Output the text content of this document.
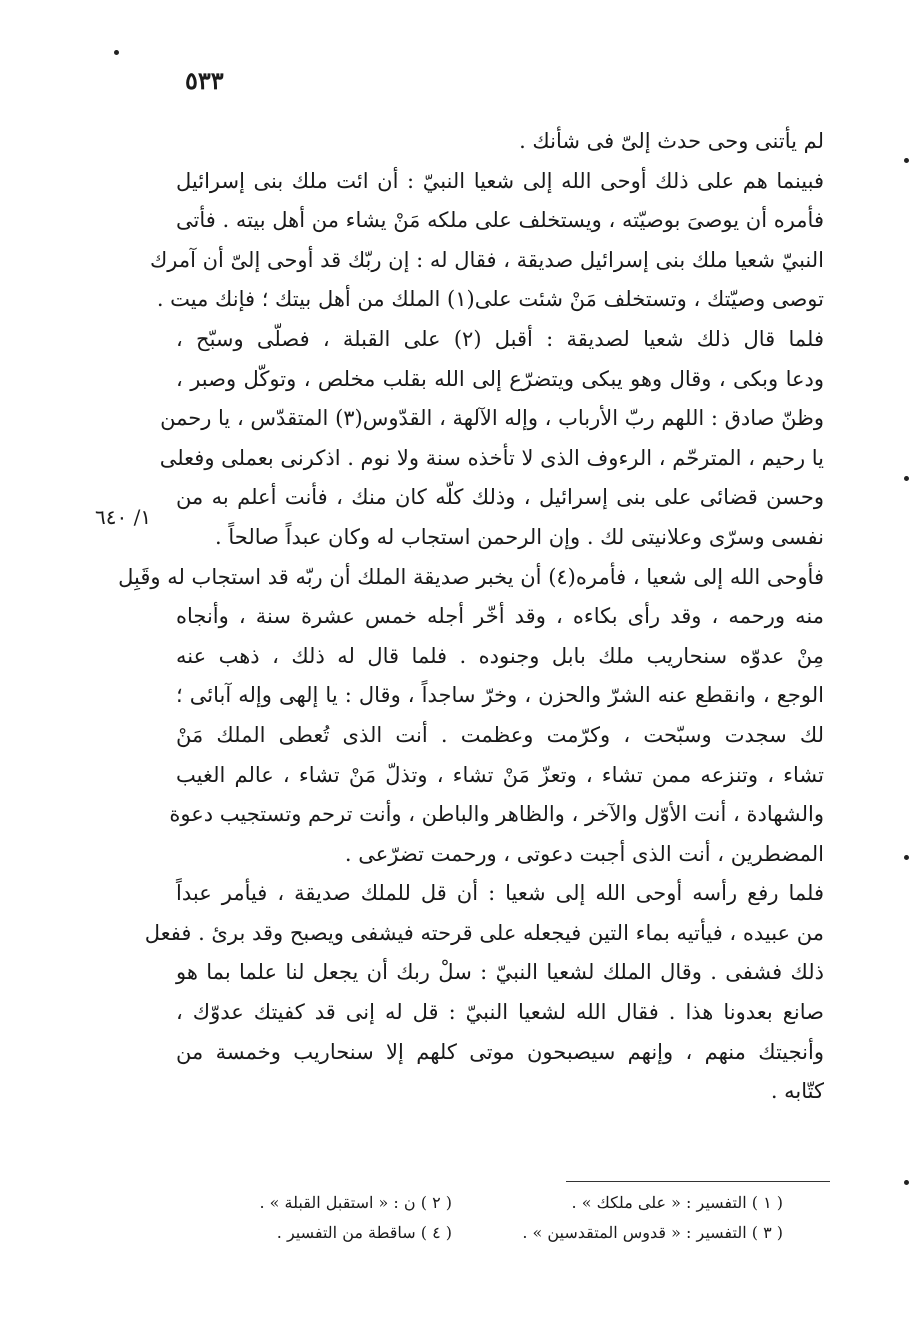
٥٣٣
١/ ٦٤٠
لم يأتنى وحى حدث إلىّ فى شأنك .
فبينما هم على ذلك أوحى الله إلى شعيا النبيّ : أن ائت ملك بنى إسرائيل
فأمره أن يوصىَ بوصيّته ، ويستخلف على ملكه مَنْ يشاء من أهل بيته . فأتى
النبيّ شعيا ملك بنى إسرائيل صديقة ، فقال له : إن ربّك قد أوحى إلىّ أن آمرك
توصى وصيّتك ، وتستخلف مَنْ شئت على(١) الملك من أهل بيتك ؛ فإنك ميت .
فلما قال ذلك شعيا لصديقة : أقبل (٢) على القبلة ، فصلّى وسبّح ،
ودعا وبكى ، وقال وهو يبكى ويتضرّع إلى الله بقلب مخلص ، وتوكّل وصبر ،
وظنّ صادق : اللهم ربّ الأرباب ، وإله الآلهة ، القدّوس(٣) المتقدّس ، يا رحمن
يا رحيم ، المترحّم ، الرءوف الذى لا تأخذه سنة ولا نوم . اذكرنى بعملى وفعلى
وحسن قضائى على بنى إسرائيل ، وذلك كلّه كان منك ، فأنت أعلم به من
نفسى وسرّى وعلانيتى لك . وإن الرحمن استجاب له وكان عبداً صالحاً .
فأوحى الله إلى شعيا ، فأمره(٤) أن يخبر صديقة الملك أن ربّه قد استجاب له وقَبِل
منه ورحمه ، وقد رأى بكاءه ، وقد أخّر أجله خمس عشرة سنة ، وأنجاه
مِنْ عدوّه سنحاريب ملك بابل وجنوده . فلما قال له ذلك ، ذهب عنه
الوجع ، وانقطع عنه الشرّ والحزن ، وخرّ ساجداً ، وقال : يا إلهى وإله آبائى ؛
لك سجدت وسبّحت ، وكرّمت وعظمت . أنت الذى تُعطى الملك مَنْ
تشاء ، وتنزعه ممن تشاء ، وتعزّ مَنْ تشاء ، وتذلّ مَنْ تشاء ، عالم الغيب
والشهادة ، أنت الأوّل والآخر ، والظاهر والباطن ، وأنت ترحم وتستجيب دعوة
المضطرين ، أنت الذى أجبت دعوتى ، ورحمت تضرّعى .
فلما رفع رأسه أوحى الله إلى شعيا : أن قل للملك صديقة ، فيأمر عبداً
من عبيده ، فيأتيه بماء التين فيجعله على قرحته فيشفى ويصبح وقد برئ . ففعل
ذلك فشفى . وقال الملك لشعيا النبيّ : سلْ ربك أن يجعل لنا علما بما هو
صانع بعدونا هذا . فقال الله لشعيا النبيّ : قل له إنى قد كفيتك عدوّك ،
وأنجيتك منهم ، وإنهم سيصبحون موتى كلهم إلا سنحاريب وخمسة من
كتّابه .
( ١ ) التفسير : « على ملكك » .
( ٢ ) ن : « استقبل القبلة » .
( ٣ ) التفسير : « قدوس المتقدسين » .
( ٤ ) ساقطة من التفسير .
